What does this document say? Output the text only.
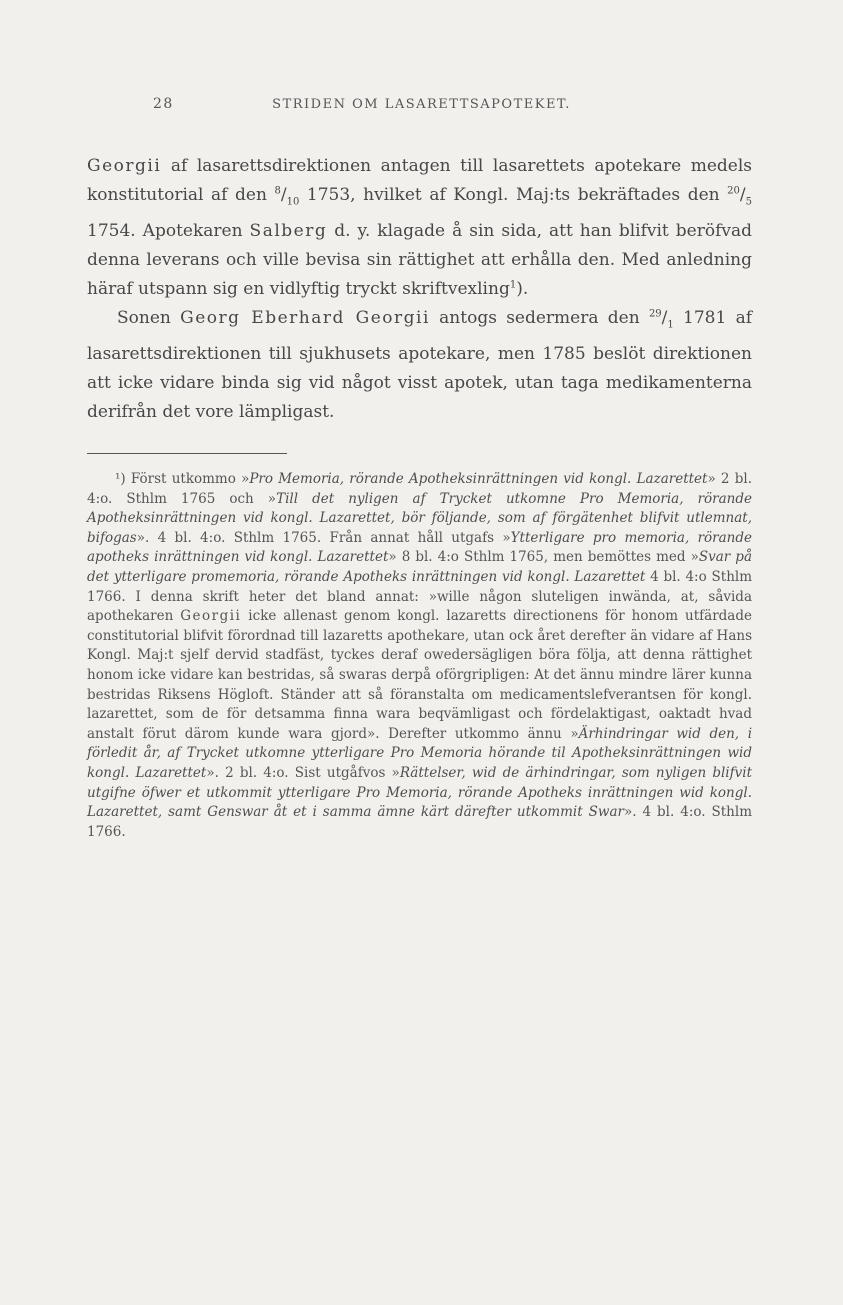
28	STRIDEN OM LASARETTSAPOTEKET.

Georgii af lasarettsdirektionen antagen till lasarettets apotekare medels konstitutorial af den $^8/_{10}$ 1753, hvilket af Kongl. Maj:ts bekräftades den $^{20}/_5$ 1754. Apotekaren Salberg d. y. klagade å sin sida, att han blifvit beröfvad denna leverans och ville bevisa sin rättighet att erhålla den. Med anledning häraf utspann sig en vidlyftig tryckt skriftvexling$^1$).

Sonen Georg Eberhard Georgii antogs sedermera den $^{29}/_1$ 1781 af lasarettsdirektionen till sjukhusets apotekare, men 1785 beslöt direktionen att icke vidare binda sig vid något visst apotek, utan taga medikamenterna derifrån det vore lämpligast.

¹) Först utkommo »Pro Memoria, rörande Apotheksinrättningen vid kongl. Lazarettet» 2 bl. 4:o. Sthlm 1765 och »Till det nyligen af Trycket utkomne Pro Memoria, rörande Apotheksinrättningen vid kongl. Lazarettet, bör följande, som af förgätenhet blifvit utlemnat, bifogas». 4 bl. 4:o. Sthlm 1765. Från annat håll utgafs »Ytterligare pro memoria, rörande apotheks inrättningen vid kongl. Lazarettet» 8 bl. 4:o Sthlm 1765, men bemöttes med »Svar på det ytterligare promemoria, rörande Apotheks inrättningen vid kongl. Lazarettet 4 bl. 4:o Sthlm 1766. I denna skrift heter det bland annat: »wille någon sluteligen inwända, at, såvida apothekaren Georgii icke allenast genom kongl. lazaretts directionens för honom utfärdade constitutorial blifvit förordnad till lazaretts apothekare, utan ock året derefter än vidare af Hans Kongl. Maj:t sjelf dervid stadfäst, tyckes deraf owedersägligen böra följa, att denna rättighet honom icke vidare kan bestridas, så swaras derpå oförgripligen: At det ännu mindre lärer kunna bestridas Riksens Högloft. Ständer att så föranstalta om medicamentslefverantsen för kongl. lazarettet, som de för detsamma finna wara beqvämligast och fördelaktigast, oaktadt hvad anstalt förut därom kunde wara gjord». Derefter utkommo ännu »Ärhindringar wid den, i förledit år, af Trycket utkomne ytterligare Pro Memoria hörande til Apotheksinrättningen wid kongl. Lazarettet». 2 bl. 4:o. Sist utgåfvos »Rättelser, wid de ärhindringar, som nyligen blifvit utgifne öfwer et utkommit ytterligare Pro Memoria, rörande Apotheks inrättningen wid kongl. Lazarettet, samt Genswar åt et i samma ämne kärt därefter utkommit Swar». 4 bl. 4:o. Sthlm 1766.
